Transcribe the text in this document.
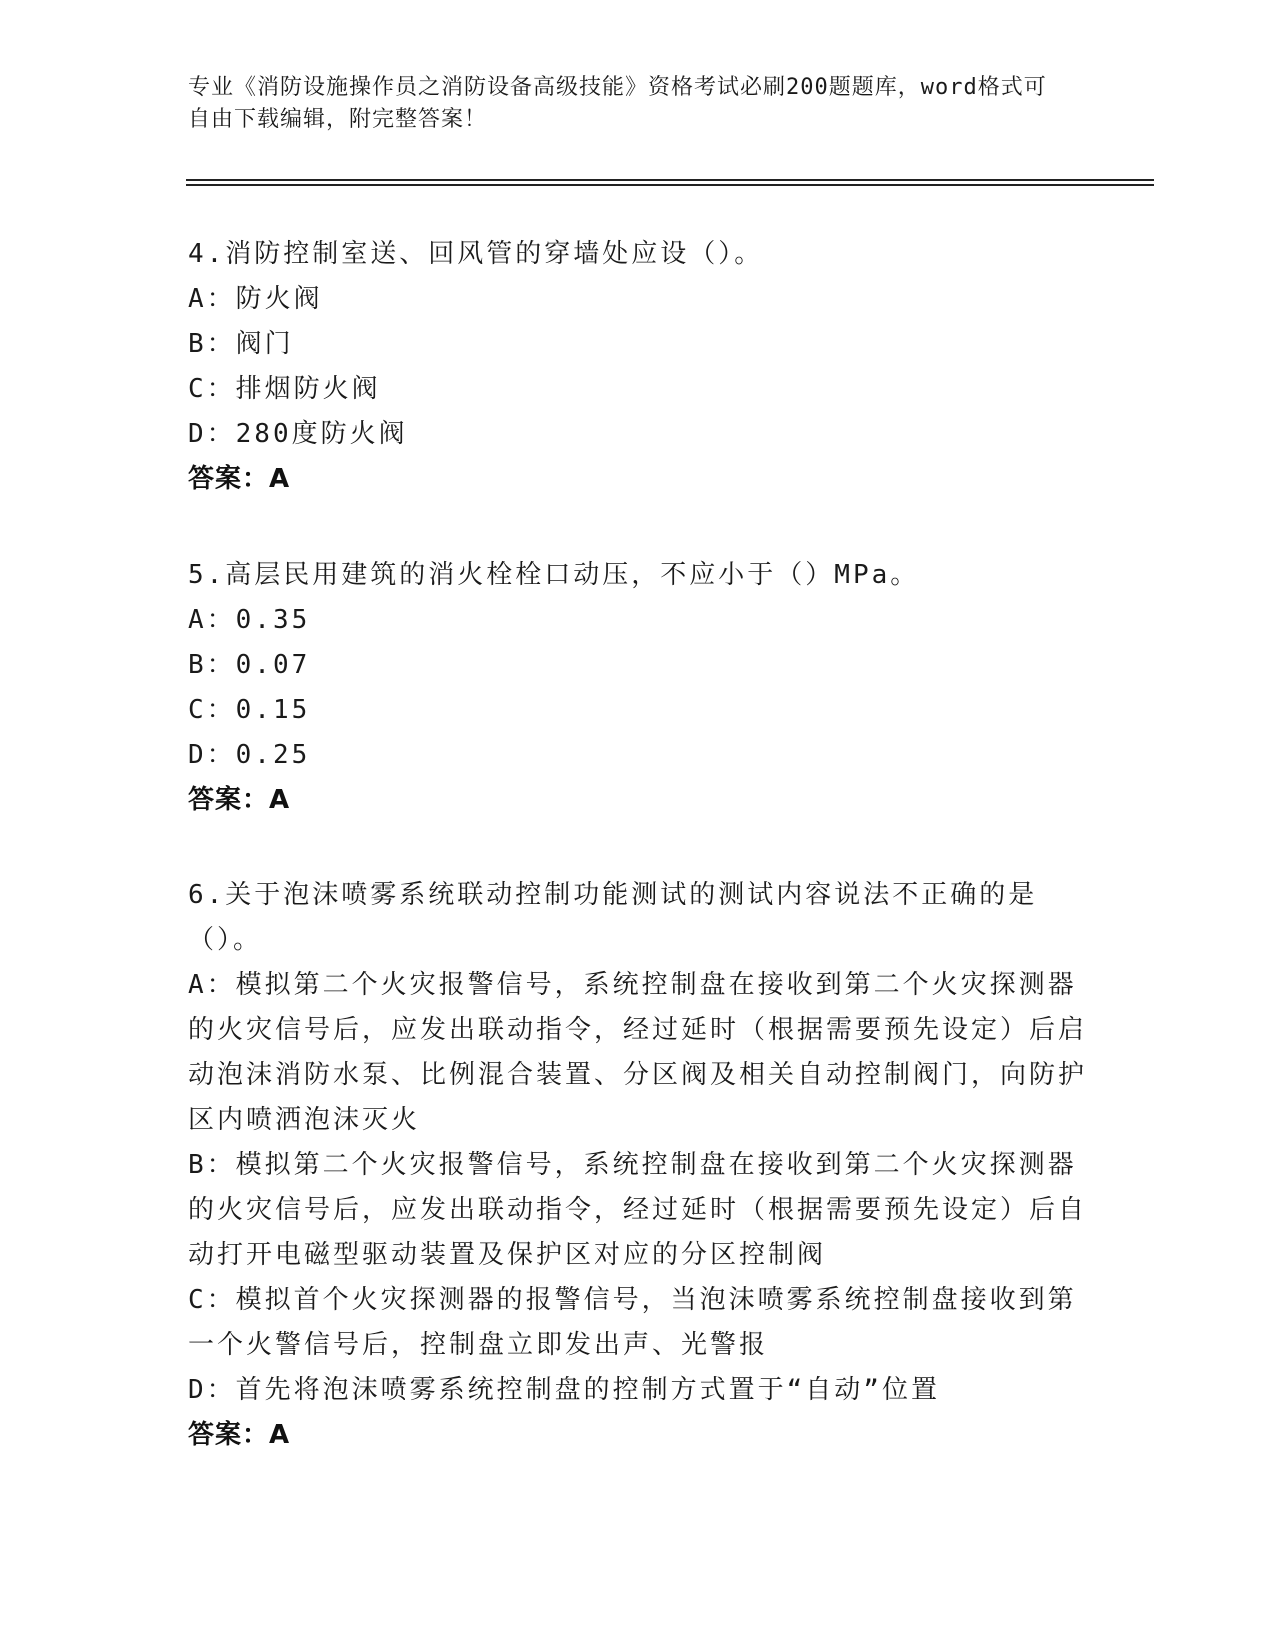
专业《消防设施操作员之消防设备高级技能》资格考试必刷200题题库，word格式可自由下载编辑，附完整答案！
4.消防控制室送、回风管的穿墙处应设（）。
A：防火阀
B：阀门
C：排烟防火阀
D：280度防火阀
答案：A
5.高层民用建筑的消火栓栓口动压，不应小于（）MPa。
A：0.35
B：0.07
C：0.15
D：0.25
答案：A
6.关于泡沫喷雾系统联动控制功能测试的测试内容说法不正确的是（）。
A：模拟第二个火灾报警信号，系统控制盘在接收到第二个火灾探测器的火灾信号后，应发出联动指令，经过延时（根据需要预先设定）后启动泡沫消防水泵、比例混合装置、分区阀及相关自动控制阀门，向防护区内喷洒泡沫灭火
B：模拟第二个火灾报警信号，系统控制盘在接收到第二个火灾探测器的火灾信号后，应发出联动指令，经过延时（根据需要预先设定）后自动打开电磁型驱动装置及保护区对应的分区控制阀
C：模拟首个火灾探测器的报警信号，当泡沫喷雾系统控制盘接收到第一个火警信号后，控制盘立即发出声、光警报
D：首先将泡沫喷雾系统控制盘的控制方式置于“自动”位置
答案：A
